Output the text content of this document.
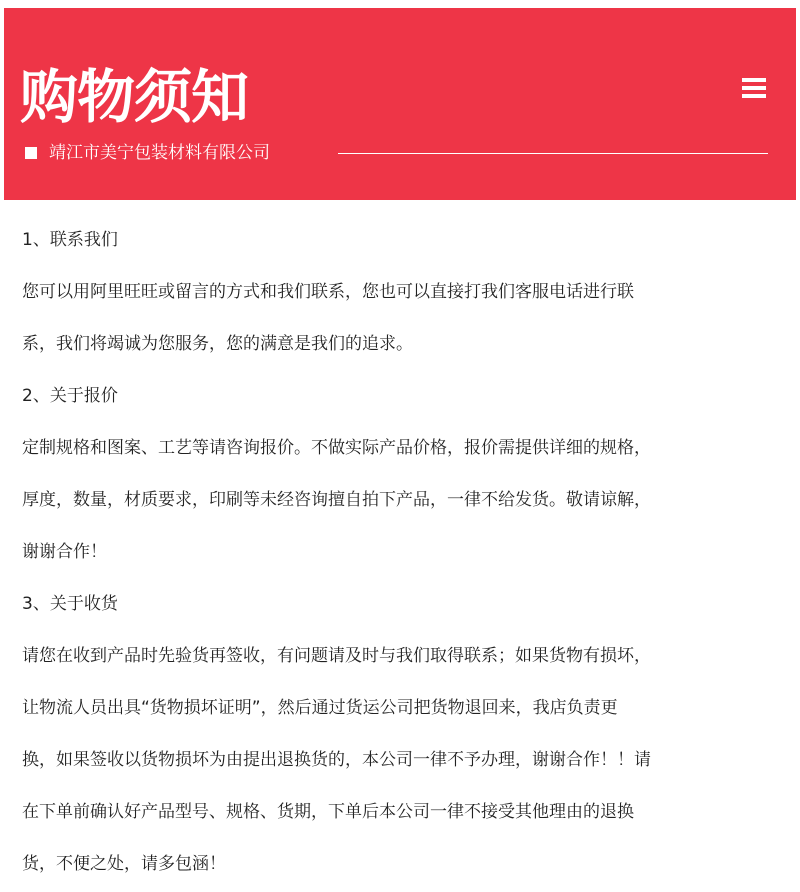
购物须知
靖江市美宁包装材料有限公司
1、联系我们
您可以用阿里旺旺或留言的方式和我们联系，您也可以直接打我们客服电话进行联
系，我们将竭诚为您服务，您的满意是我们的追求。
2、关于报价
定制规格和图案、工艺等请咨询报价。不做实际产品价格，报价需提供详细的规格，
厚度，数量，材质要求，印刷等未经咨询擅自拍下产品，一律不给发货。敬请谅解，
谢谢合作！
3、关于收货
请您在收到产品时先验货再签收，有问题请及时与我们取得联系；如果货物有损坏，
让物流人员出具“货物损坏证明”，然后通过货运公司把货物退回来，我店负责更
换，如果签收以货物损坏为由提出退换货的，本公司一律不予办理，谢谢合作！！请
在下单前确认好产品型号、规格、货期，下单后本公司一律不接受其他理由的退换
货，不便之处，请多包涵！
